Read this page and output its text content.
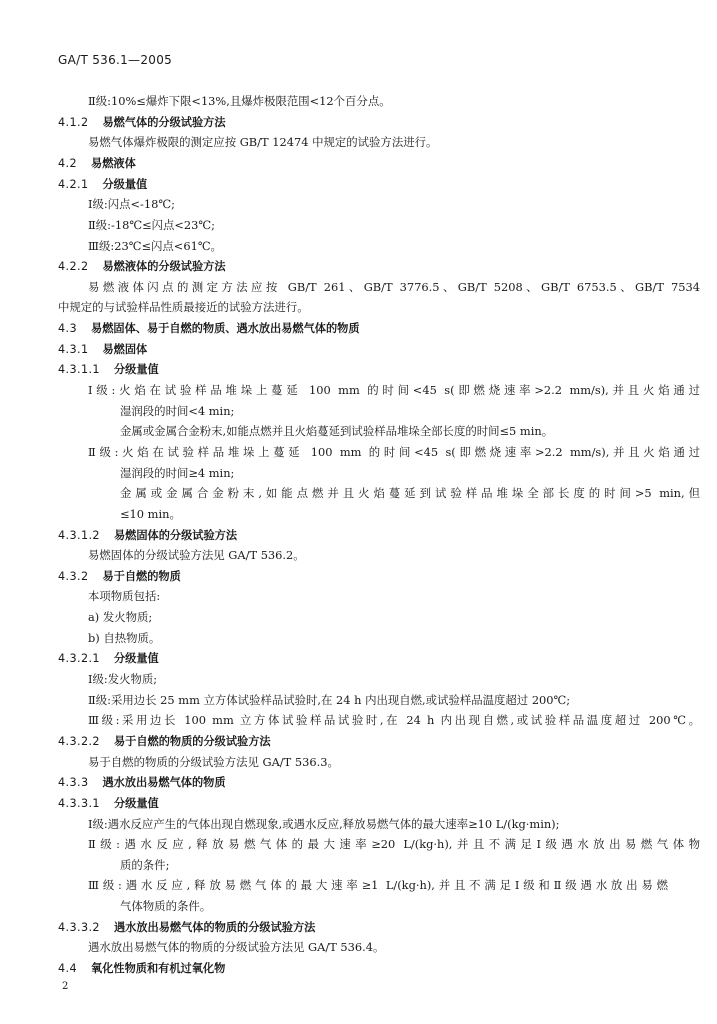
GA/T 536.1—2005
Ⅱ级:10%≤爆炸下限<13%,且爆炸极限范围<12个百分点。
4.1.2 易燃气体的分级试验方法
易燃气体爆炸极限的测定应按 GB/T 12474 中规定的试验方法进行。
4.2 易燃液体
4.2.1 分级量值
Ⅰ级:闪点<-18℃;
Ⅱ级:-18℃≤闪点<23℃;
Ⅲ级:23℃≤闪点<61℃。
4.2.2 易燃液体的分级试验方法
易燃液体闪点的测定方法应按 GB/T 261、GB/T 3776.5、GB/T 5208、GB/T 6753.5、GB/T 7534
中规定的与试验样品性质最接近的试验方法进行。
4.3 易燃固体、易于自燃的物质、遇水放出易燃气体的物质
4.3.1 易燃固体
4.3.1.1 分级量值
Ⅰ级:火焰在试验样品堆垛上蔓延 100 mm 的时间<45 s(即燃烧速率>2.2 mm/s),并且火焰通过
湿润段的时间<4 min;
金属或金属合金粉末,如能点燃并且火焰蔓延到试验样品堆垛全部长度的时间≤5 min。
Ⅱ级:火焰在试验样品堆垛上蔓延 100 mm 的时间<45 s(即燃烧速率>2.2 mm/s),并且火焰通过
湿润段的时间≥4 min;
金属或金属合金粉末,如能点燃并且火焰蔓延到试验样品堆垛全部长度的时间>5 min,但
≤10 min。
4.3.1.2 易燃固体的分级试验方法
易燃固体的分级试验方法见 GA/T 536.2。
4.3.2 易于自燃的物质
本项物质包括:
a) 发火物质;
b) 自热物质。
4.3.2.1 分级量值
Ⅰ级:发火物质;
Ⅱ级:采用边长 25 mm 立方体试验样品试验时,在 24 h 内出现自燃,或试验样品温度超过 200℃;
Ⅲ级:采用边长 100 mm 立方体试验样品试验时,在 24 h 内出现自燃,或试验样品温度超过 200℃。
4.3.2.2 易于自燃的物质的分级试验方法
易于自燃的物质的分级试验方法见 GA/T 536.3。
4.3.3 遇水放出易燃气体的物质
4.3.3.1 分级量值
Ⅰ级:遇水反应产生的气体出现自燃现象,或遇水反应,释放易燃气体的最大速率≥10 L/(kg·min);
Ⅱ级:遇水反应,释放易燃气体的最大速率≥20 L/(kg·h),并且不满足Ⅰ级遇水放出易燃气体物
质的条件;
Ⅲ级:遇水反应,释放易燃气体的最大速率≥1 L/(kg·h),并且不满足Ⅰ级和Ⅱ级遇水放出易燃
气体物质的条件。
4.3.3.2 遇水放出易燃气体的物质的分级试验方法
遇水放出易燃气体的物质的分级试验方法见 GA/T 536.4。
4.4 氧化性物质和有机过氧化物
2
